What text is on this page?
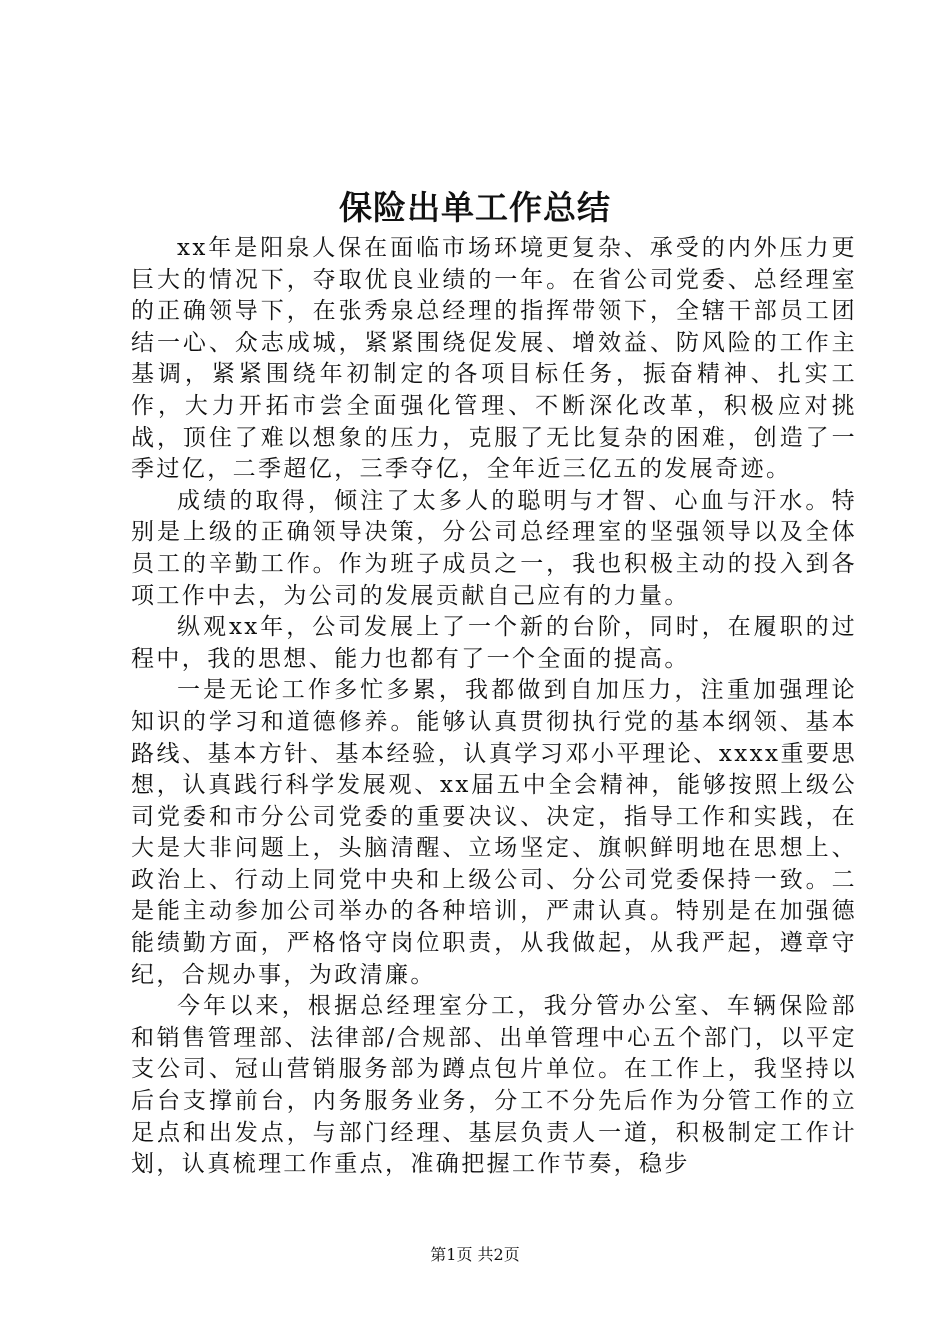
保险出单工作总结

xx年是阳泉人保在面临市场环境更复杂、承受的内外压力更巨大的情况下，夺取优良业绩的一年。在省公司党委、总经理室的正确领导下，在张秀泉总经理的指挥带领下，全辖干部员工团结一心、众志成城，紧紧围绕促发展、增效益、防风险的工作主基调，紧紧围绕年初制定的各项目标任务，振奋精神、扎实工作，大力开拓市尝全面强化管理、不断深化改革，积极应对挑战，顶住了难以想象的压力，克服了无比复杂的困难，创造了一季过亿，二季超亿，三季夺亿，全年近三亿五的发展奇迹。

成绩的取得，倾注了太多人的聪明与才智、心血与汗水。特别是上级的正确领导决策，分公司总经理室的坚强领导以及全体员工的辛勤工作。作为班子成员之一，我也积极主动的投入到各项工作中去，为公司的发展贡献自己应有的力量。

纵观xx年，公司发展上了一个新的台阶，同时，在履职的过程中，我的思想、能力也都有了一个全面的提高。

一是无论工作多忙多累，我都做到自加压力，注重加强理论知识的学习和道德修养。能够认真贯彻执行党的基本纲领、基本路线、基本方针、基本经验，认真学习邓小平理论、xxxx重要思想，认真践行科学发展观、xx届五中全会精神，能够按照上级公司党委和市分公司党委的重要决议、决定，指导工作和实践，在大是大非问题上，头脑清醒、立场坚定、旗帜鲜明地在思想上、政治上、行动上同党中央和上级公司、分公司党委保持一致。二是能主动参加公司举办的各种培训，严肃认真。特别是在加强德能绩勤方面，严格恪守岗位职责，从我做起，从我严起，遵章守纪，合规办事，为政清廉。

今年以来，根据总经理室分工，我分管办公室、车辆保险部和销售管理部、法律部/合规部、出单管理中心五个部门，以平定支公司、冠山营销服务部为蹲点包片单位。在工作上，我坚持以后台支撑前台，内务服务业务，分工不分先后作为分管工作的立足点和出发点，与部门经理、基层负责人一道，积极制定工作计划，认真梳理工作重点，准确把握工作节奏，稳步

第1页 共2页
